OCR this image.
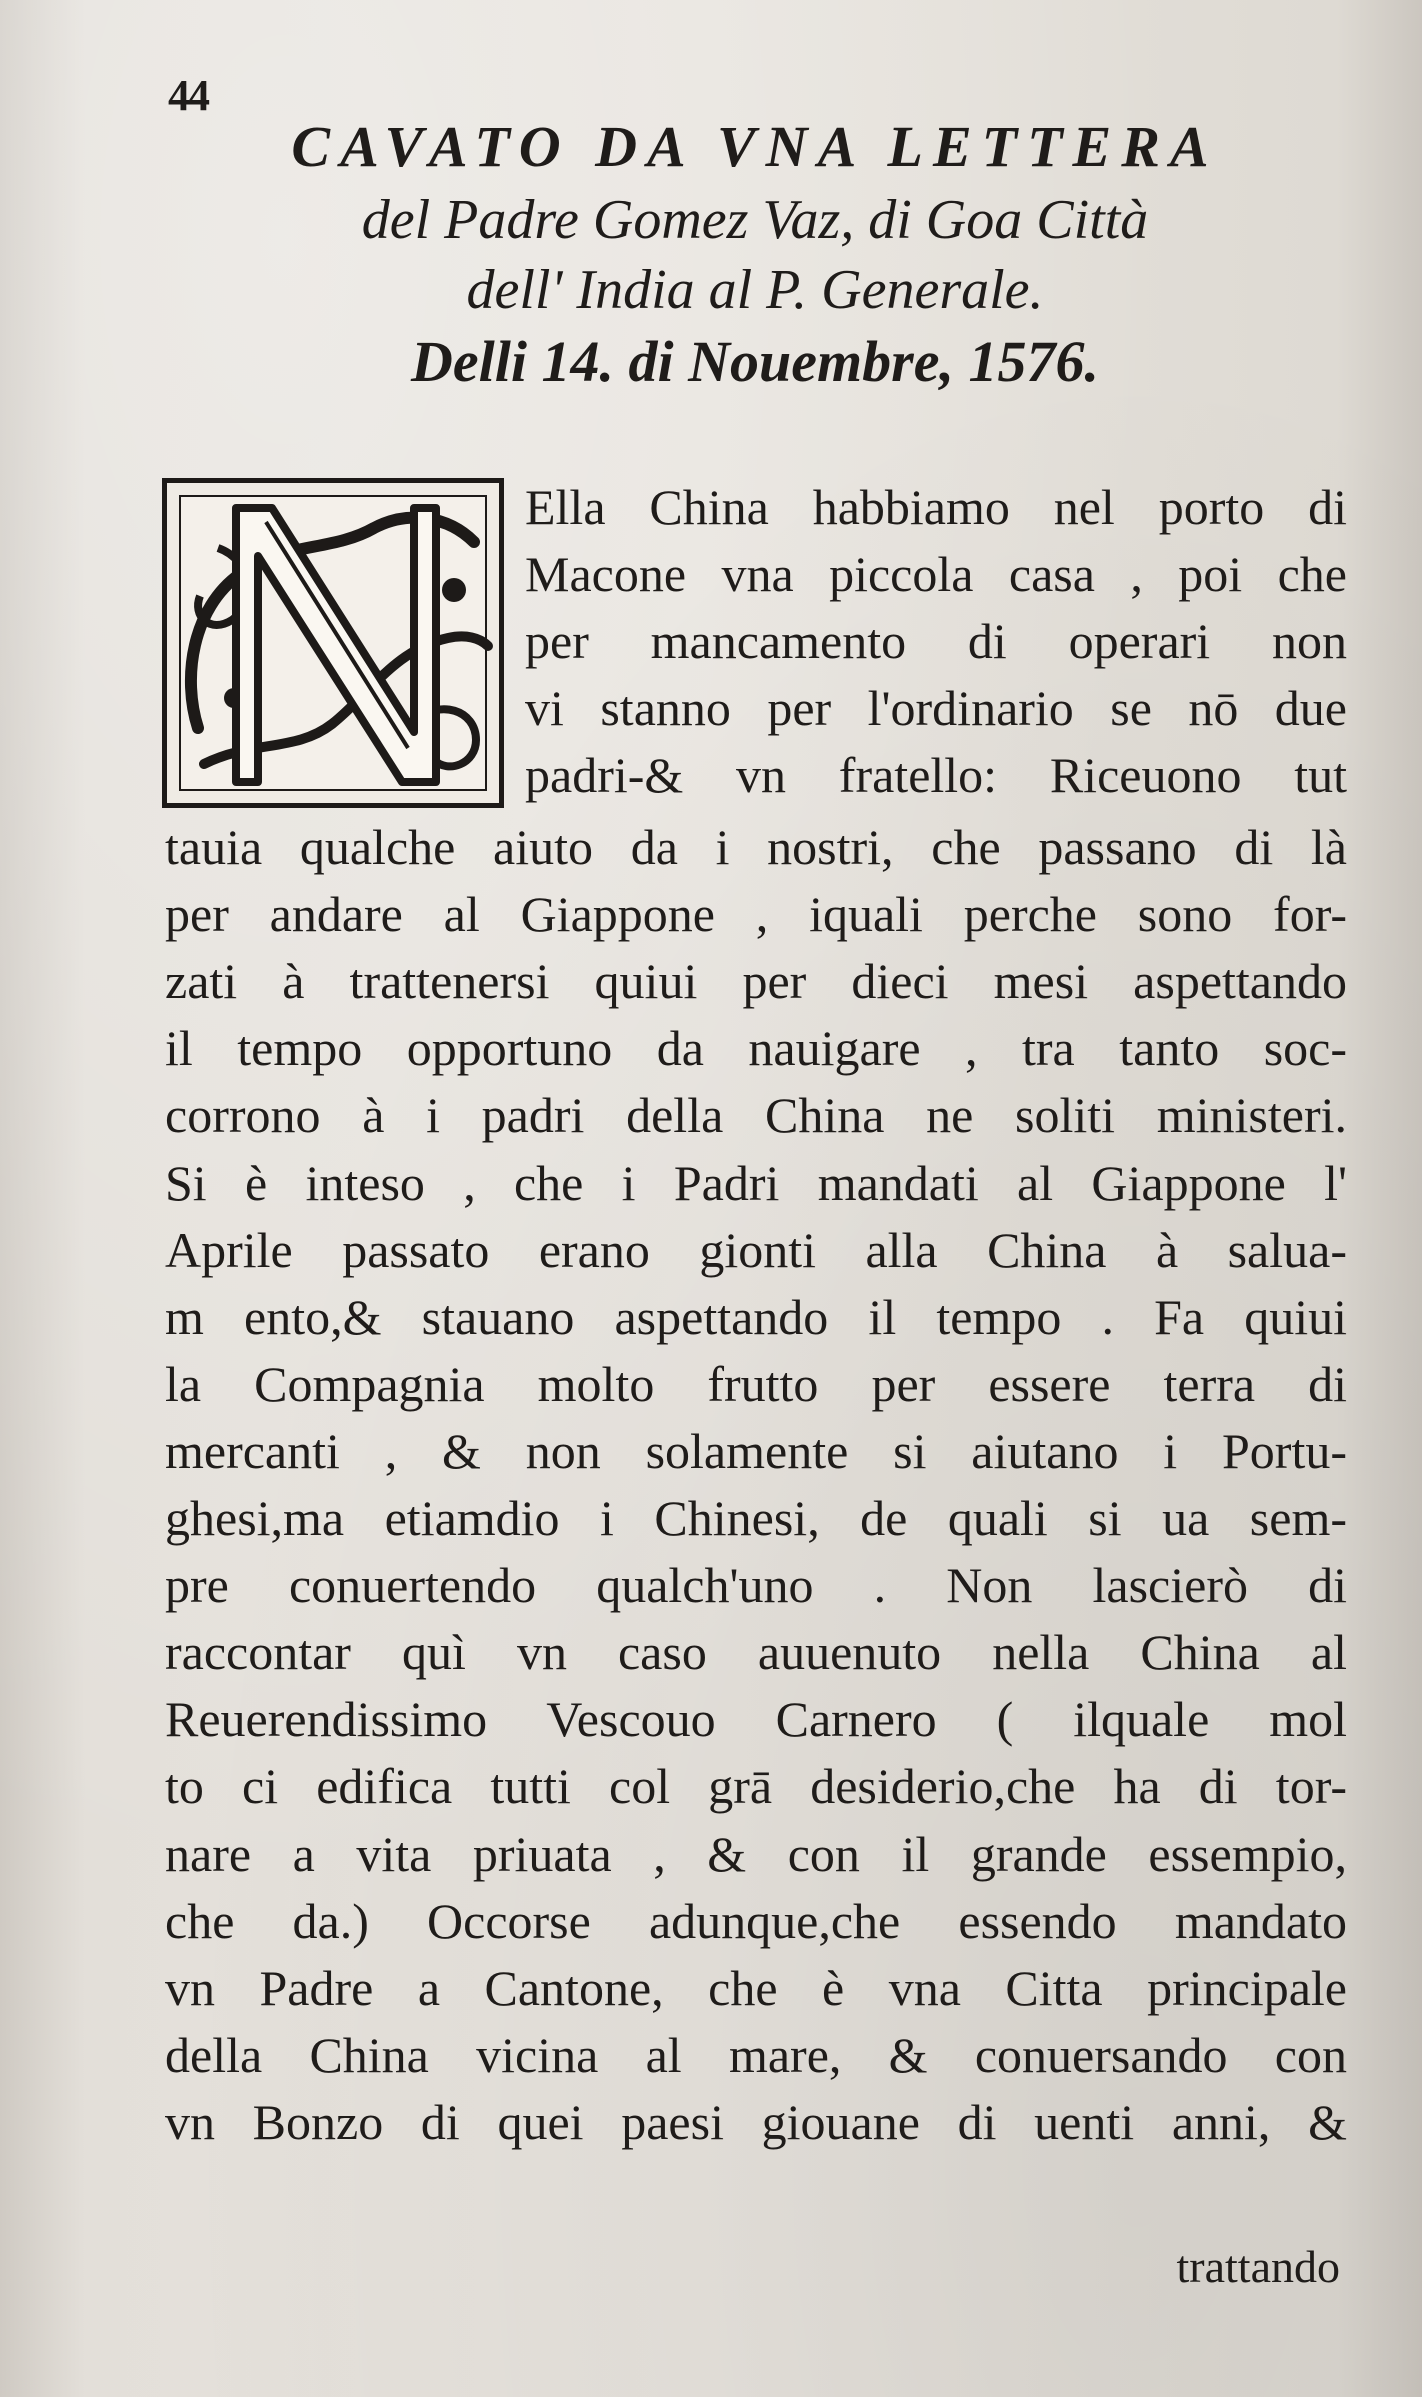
44
CAVATO DA VNA LETTERA
del Padre Gomez Vaz, di Goa Città
dell' India al P. Generale.
Delli 14. di Nouembre, 1576.
Ella China habbiamo nel porto di
Macone vna piccola casa , poi che
per mancamento di operari non
vi stanno per l'ordinario se nō due
padri-& vn fratello: Riceuono tut
tauia qualche aiuto da i nostri, che passano di là
per andare al Giappone , iquali perche sono for-
zati à trattenersi quiui per dieci mesi aspettando
il tempo opportuno da nauigare , tra tanto soc-
corrono à i padri della China ne soliti ministeri.
Si è inteso , che i Padri mandati al Giappone l'
Aprile passato erano gionti alla China à salua-
m ento,& stauano aspettando il tempo . Fa quiui
la Compagnia molto frutto per essere terra di
mercanti , & non solamente si aiutano i Portu-
ghesi,ma etiamdio i Chinesi, de quali si ua sem-
pre conuertendo qualch'uno . Non lascierò di
raccontar quì vn caso auuenuto nella China al
Reuerendissimo Vescouo Carnero ( ilquale mol
to ci edifica tutti col grā desiderio,che ha di tor-
nare a vita priuata , & con il grande essempio,
che da.) Occorse adunque,che essendo mandato
vn Padre a Cantone, che è vna Citta principale
della China vicina al mare, & conuersando con
vn Bonzo di quei paesi giouane di uenti anni, &
trattando
